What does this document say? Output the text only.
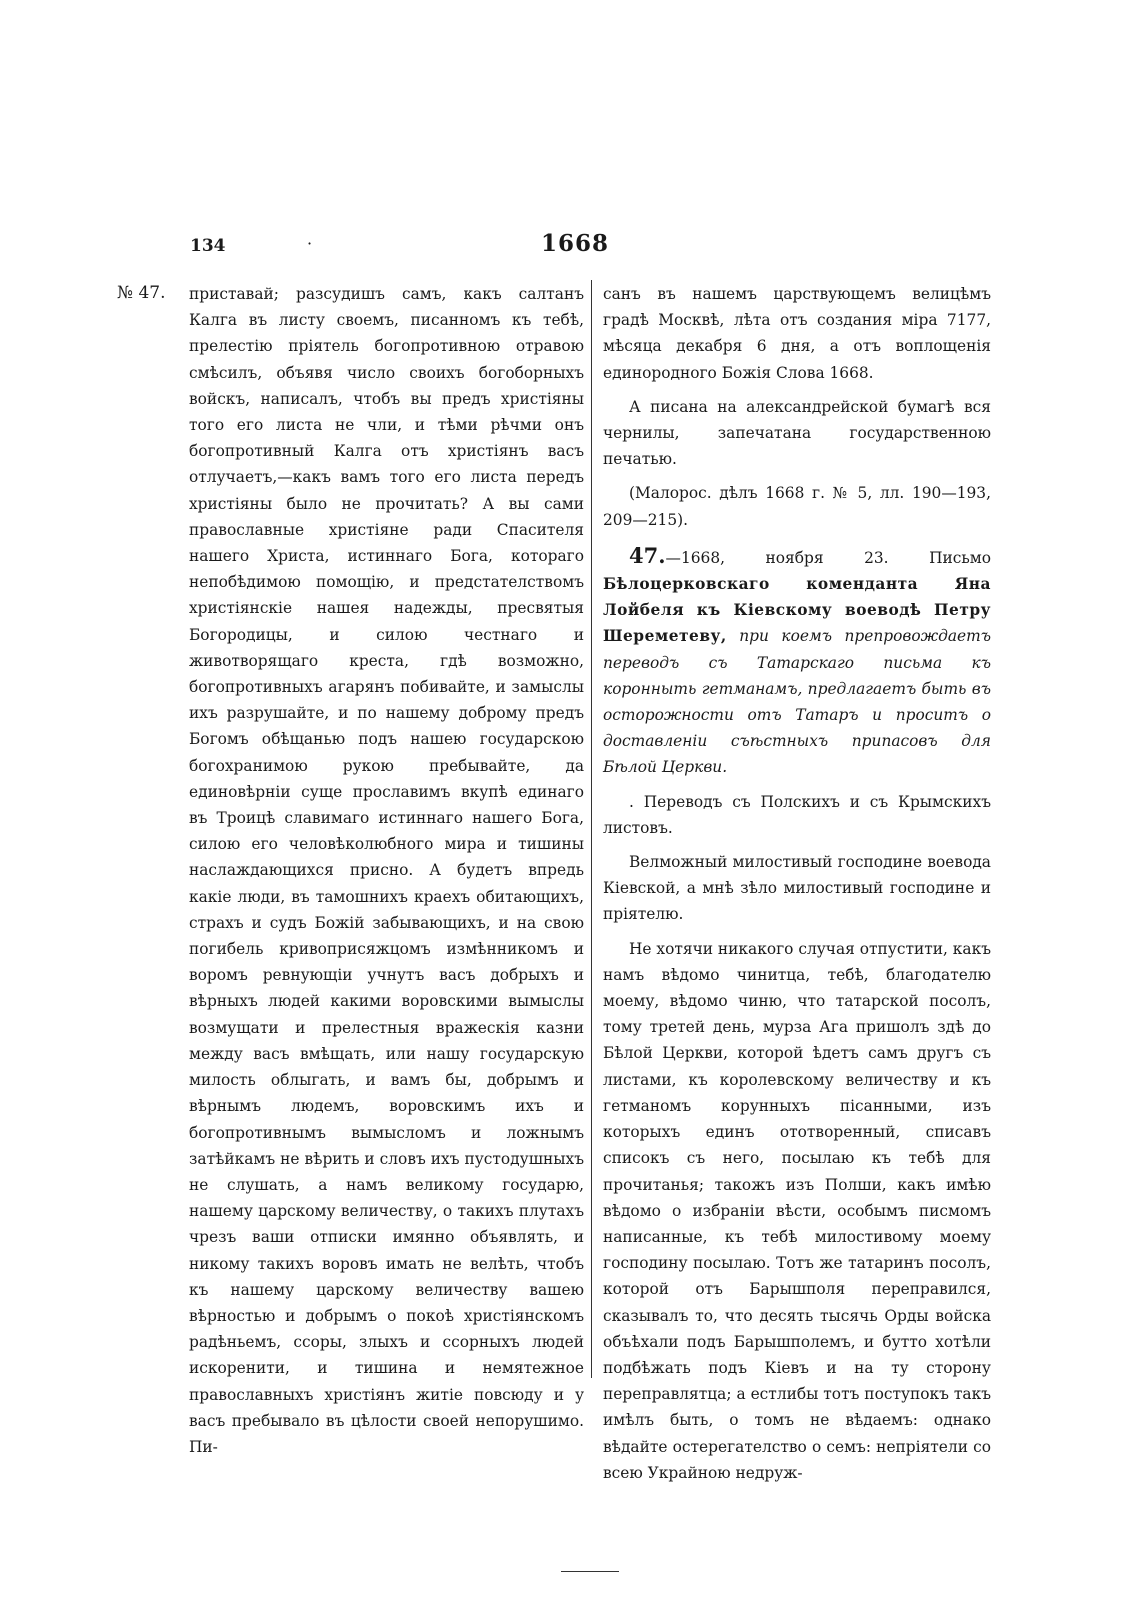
134	·	1668
№ 47. приставай; разсудишъ самъ, какъ салтанъ Калга въ листу своемъ, писанномъ къ тебѣ, прелестію пріятель богопротивною отравою смѣсилъ, объявя число своихъ богоборныхъ войскъ, написалъ, чтобъ вы предъ христіяны того его листа не чли, и тѣми рѣчми онъ богопротивный Калга отъ христіянъ васъ отлучаетъ,—какъ вамъ того его листа передъ христіяны было не прочитать? А вы сами православные христіяне ради Спасителя нашего Христа, истиннаго Бога, котораго непобѣдимою помощію, и предстателствомъ христіянскіе нашея надежды, пресвятыя Богородицы, и силою честнаго и животворящаго креста, гдѣ возможно, богопротивныхъ агарянъ побивайте, и замыслы ихъ разрушайте, и по нашему доброму предъ Богомъ обѣщанью подъ нашею государскою богохранимою рукою пребывайте, да единовѣрніи суще прославимъ вкупѣ единаго въ Троицѣ славимаго истиннаго нашего Бога, силою его человѣколюбного мира и тишины наслаждающихся присно. А будетъ впредь какіе люди, въ тамошнихъ краехъ обитающихъ, страхъ и судъ Божій забывающихъ, и на свою погибель кривоприсяжцомъ измѣнникомъ и воромъ ревнующіи учнутъ васъ добрыхъ и вѣрныхъ людей какими воровскими вымыслы возмущати и прелестныя вражескія казни между васъ вмѣщать, или нашу государскую милость облыгать, и вамъ бы, добрымъ и вѣрнымъ людемъ, воровскимъ ихъ и богопротивнымъ вымысломъ и ложнымъ затѣйкамъ не вѣрить и словъ ихъ пустодушныхъ не слушать, а намъ великому государю, нашему царскому величеству, о такихъ плутахъ чрезъ ваши отписки имянно объявлять, и никому такихъ воровъ имать не велѣть, чтобъ къ нашему царскому величеству вашею вѣрностью и добрымъ о покоѣ христіянскомъ радѣньемъ, ссоры, злыхъ и ссорныхъ людей искоренити, и тишина и немятежное православныхъ христіянъ житіе повсюду и у васъ пребывало въ цѣлости своей непорушимо. Пи-

санъ въ нашемъ царствующемъ велицѣмъ градѣ Москвѣ, лѣта отъ создания міра 7177, мѣсяца декабря 6 дня, а отъ воплощенія единородного Божія Слова 1668.

А писана на александрейской бумагѣ вся чернилы, запечатана государственною печатью.

(Малорос. дѣлъ 1668 г. № 5, лл. 190—193, 209—215).

47.—1668, ноября 23. Письмо Бѣлоцерковскаго коменданта Яна Лойбеля къ Кіевскому воеводѣ Петру Шереметеву, при коемъ препровождаетъ переводъ съ Татарскаго письма къ коронныть гетманамъ, предлагаетъ быть въ осторожности отъ Татаръ и проситъ о доставленіи съѣстныхъ припасовъ для Бѣлой Церкви.

. Переводъ съ Полскихъ и съ Крымскихъ листовъ.

Велможный милостивый господине воевода Кіевской, а мнѣ зѣло милостивый господине и пріятелю.

Не хотячи никакого случая отпустити, какъ намъ вѣдомо чинитца, тебѣ, благодателю моему, вѣдомо чиню, что татарской посолъ, тому третей день, мурза Ага пришолъ здѣ до Бѣлой Церкви, которой ѣдетъ самъ другъ съ листами, къ королевскому величеству и къ гетманомъ корунныхъ пісанными, изъ которыхъ единъ ототворенный, списавъ списокъ съ него, посылаю къ тебѣ для прочитанья; такожъ изъ Полши, какъ имѣю вѣдомо о избраніи вѣсти, особымъ писмомъ написанные, къ тебѣ милостивому моему господину посылаю. Тотъ же татаринъ посолъ, которой отъ Барышполя переправился, сказывалъ то, что десять тысячь Орды войска объѣхали подъ Барышполемъ, и бутто хотѣли подбѣжать подъ Кіевъ и на ту сторону переправлятца; а естлибы тотъ поступокъ такъ имѣлъ быть, о томъ не вѣдаемъ: однако вѣдайте остерегателство о семъ: непріятели со всею Украйною недруж-
